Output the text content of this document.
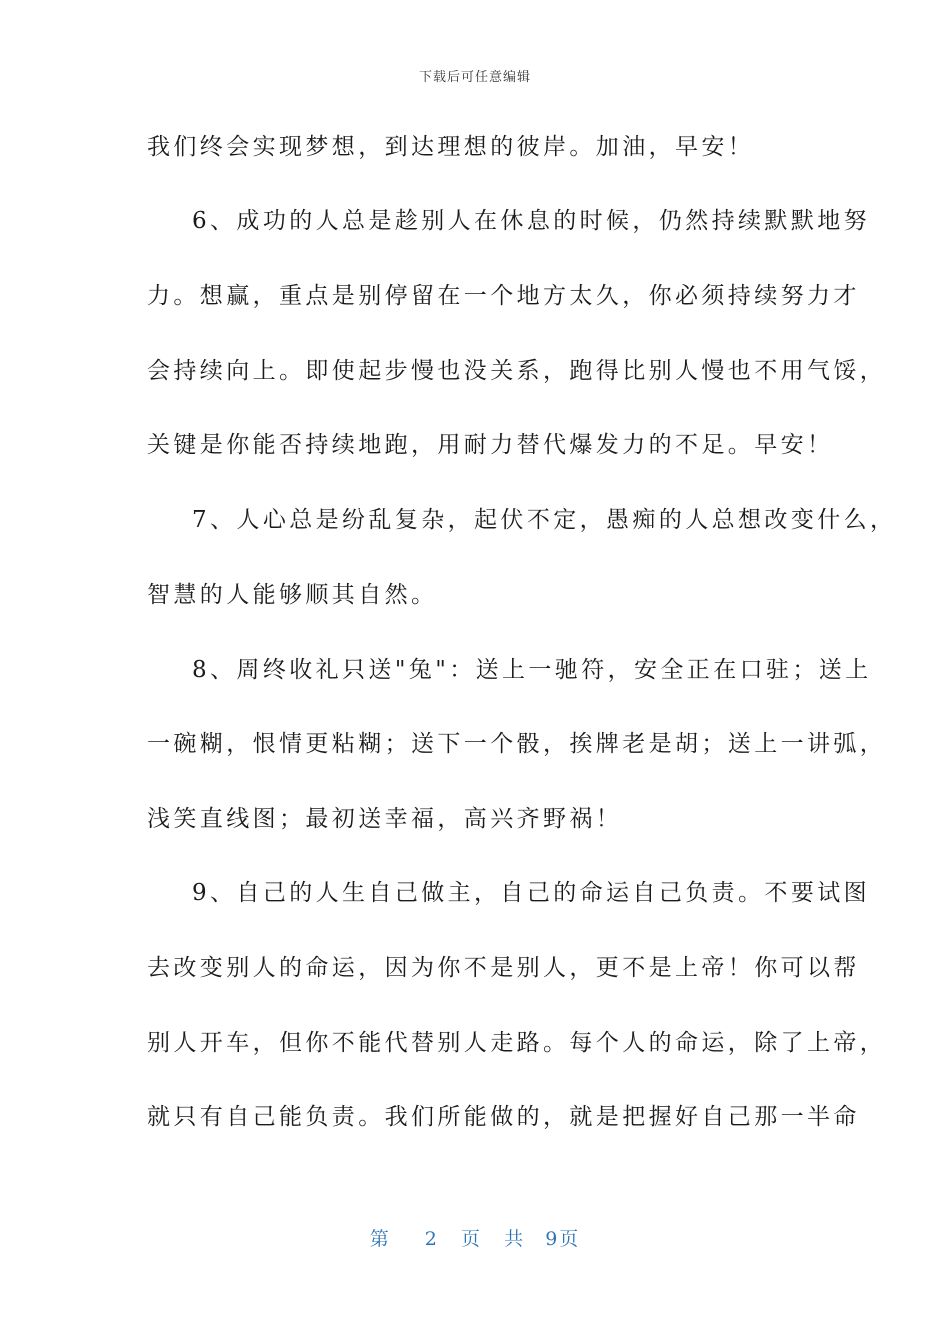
下载后可任意编辑
我们终会实现梦想，到达理想的彼岸。加油，早安！
6、成功的人总是趁别人在休息的时候，仍然持续默默地努
力。想赢，重点是别停留在一个地方太久，你必须持续努力才
会持续向上。即使起步慢也没关系，跑得比别人慢也不用气馁，
关键是你能否持续地跑，用耐力替代爆发力的不足。早安！
7、人心总是纷乱复杂，起伏不定，愚痴的人总想改变什么，
智慧的人能够顺其自然。
8、周终收礼只送"兔"：送上一驰符，安全正在口驻；送上
一碗糊，恨情更粘糊；送下一个骰，挨牌老是胡；送上一讲弧，
浅笑直线图；最初送幸福，高兴齐野祸！
9、自己的人生自己做主，自己的命运自己负责。不要试图
去改变别人的命运，因为你不是别人，更不是上帝！你可以帮
别人开车，但你不能代替别人走路。每个人的命运，除了上帝，
就只有自己能负责。我们所能做的，就是把握好自己那一半命
第 2 页 共 9页
